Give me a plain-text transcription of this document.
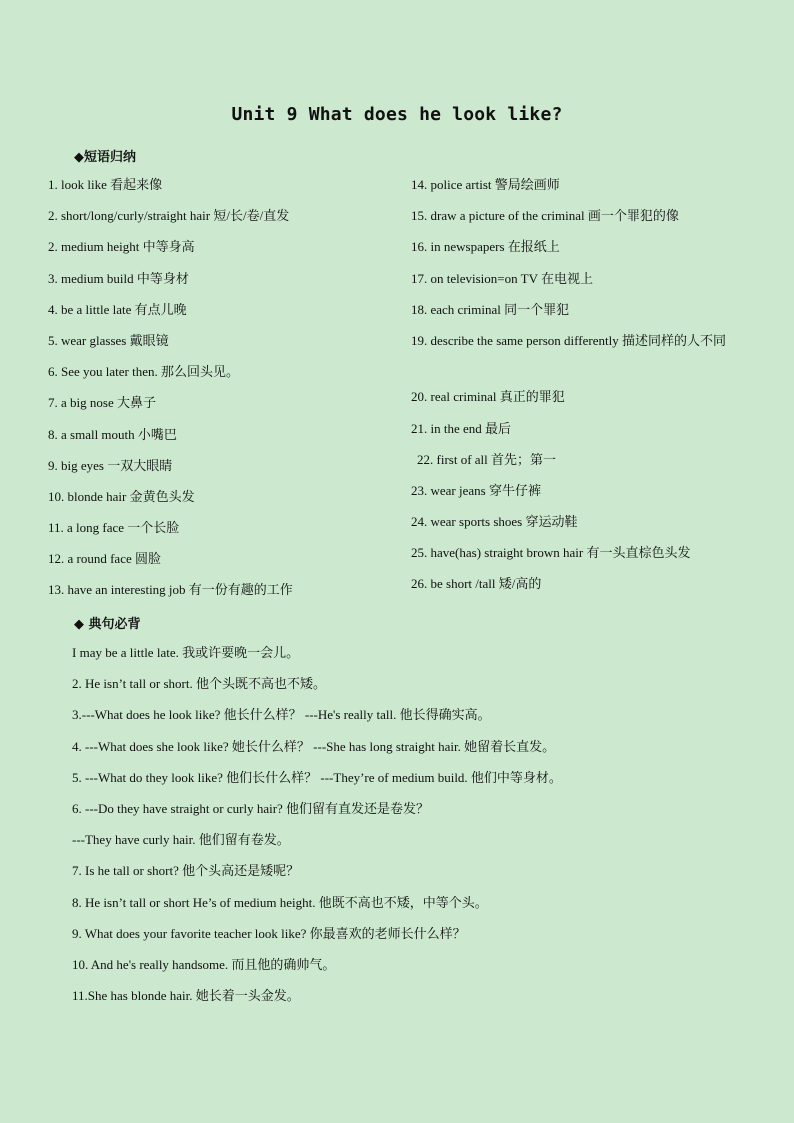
Unit 9 What does he look like?
◆短语归纳
1. look like 看起来像
2. short/long/curly/straight hair 短/长/卷/直发
2. medium height 中等身高
3. medium build 中等身材
4. be a little late 有点儿晚
5. wear glasses 戴眼镜
6. See you later then. 那么回头见。
7. a big nose 大鼻子
8. a small mouth 小嘴巴
9. big eyes 一双大眼睛
10. blonde hair 金黄色头发
11. a long face 一个长脸
12. a round face 圆脸
13. have an interesting job 有一份有趣的工作
14. police artist 警局绘画师
15. draw a picture of the criminal 画一个罪犯的像
16. in newspapers 在报纸上
17. on television=on TV 在电视上
18. each criminal 同一个罪犯
19. describe the same person differently 描述同样的人不同
20. real criminal 真正的罪犯
21. in the end 最后
22. first of all 首先；第一
23. wear jeans 穿牛仔裤
24. wear sports shoes 穿运动鞋
25. have(has) straight brown hair 有一头直棕色头发
26. be short /tall 矮/高的
◆ 典句必背
I may be a little late. 我或许要晚一会儿。
2. He isn’t tall or short. 他个头既不高也不矮。
3.---What does he look like? 他长什么样？ ---He's really tall. 他长得确实高。
4. ---What does she look like? 她长什么样？ ---She has long straight hair. 她留着长直发。
5. ---What do they look like? 他们长什么样？ ---They’re of medium build. 他们中等身材。
6. ---Do they have straight or curly hair? 他们留有直发还是卷发？
---They have curly hair. 他们留有卷发。
7. Is he tall or short? 他个头高还是矮呢？
8. He isn’t tall or short He’s of medium height. 他既不高也不矮，中等个头。
9. What does your favorite teacher look like? 你最喜欢的老师长什么样？
10. And he's really handsome. 而且他的确帅气。
11.She has blonde hair. 她长着一头金发。
